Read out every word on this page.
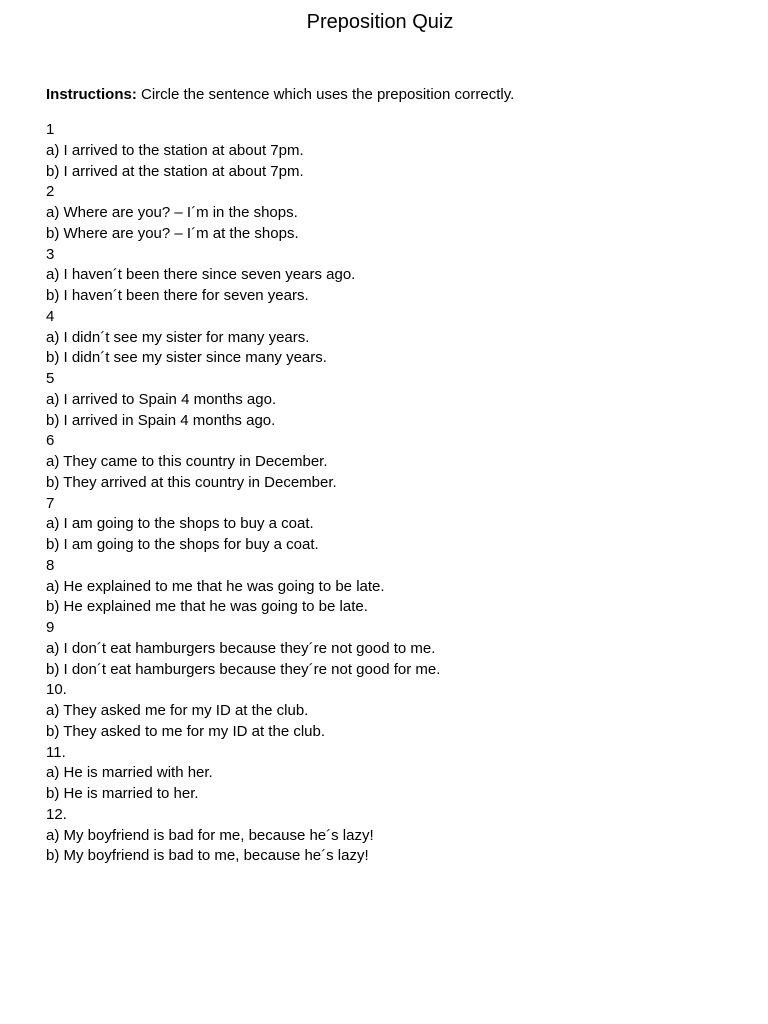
Preposition Quiz
Instructions: Circle the sentence which uses the preposition correctly.
1
a) I arrived to the station at about 7pm.
b) I arrived at the station at about 7pm.
2
a) Where are you? – I´m in the shops.
b) Where are you? – I´m at the shops.
3
a) I haven´t been there since seven years ago.
b) I haven´t been there for seven years.
4
a) I didn´t see my sister for many years.
b) I didn´t see my sister since many years.
5
a) I arrived to Spain 4 months ago.
b) I arrived in Spain 4 months ago.
6
a) They came to this country in December.
b) They arrived at this country in December.
7
a) I am going to the shops to buy a coat.
b) I am going to the shops for buy a coat.
8
a) He explained to me that he was going to be late.
b) He explained me that he was going to be late.
9
a) I don´t eat hamburgers because they´re not good to me.
b) I don´t eat hamburgers because they´re not good for me.
10.
a) They asked me for my ID at the club.
b) They asked to me for my ID at the club.
11.
a) He is married with her.
b) He is married to her.
12.
a) My boyfriend is bad for me, because he´s lazy!
b) My boyfriend is bad to me, because he´s lazy!
